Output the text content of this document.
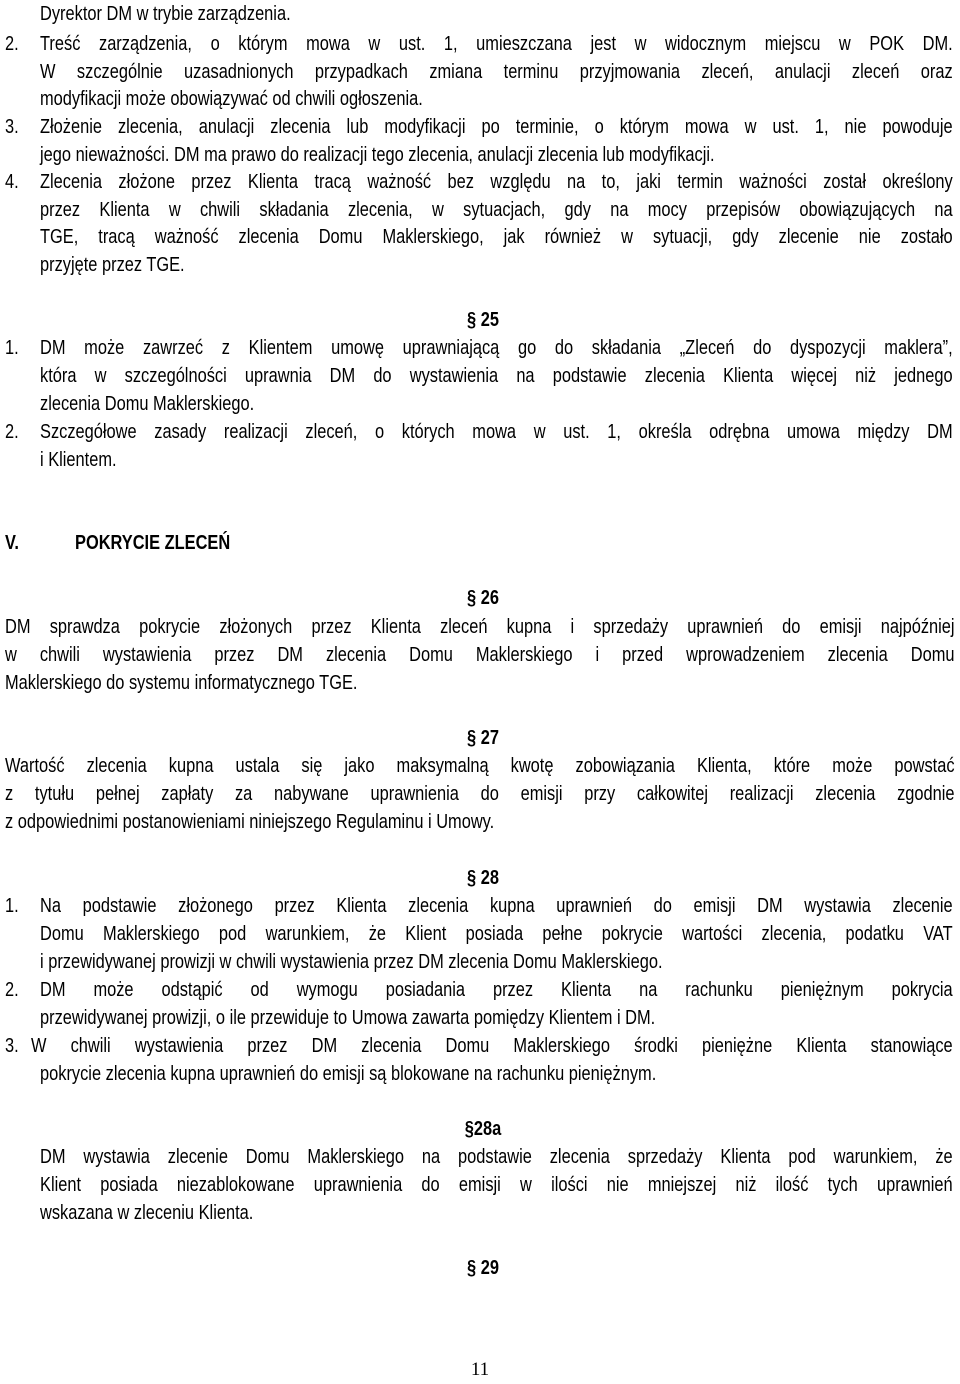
Dyrektor DM w trybie zarządzenia.
2. Treść zarządzenia, o którym mowa w ust. 1, umieszczana jest w widocznym miejscu w POK DM.
W szczególnie uzasadnionych przypadkach zmiana terminu przyjmowania zleceń, anulacji zleceń oraz
modyfikacji może obowiązywać od chwili ogłoszenia.
3. Złożenie zlecenia, anulacji zlecenia lub modyfikacji po terminie, o którym mowa w ust. 1, nie powoduje
jego nieważności. DM ma prawo do realizacji tego zlecenia, anulacji zlecenia lub modyfikacji.
4. Zlecenia złożone przez Klienta tracą ważność bez względu na to, jaki termin ważności został określony
przez Klienta w chwili składania zlecenia, w sytuacjach, gdy na mocy przepisów obowiązujących na
TGE, tracą ważność zlecenia Domu Maklerskiego, jak również w sytuacji, gdy zlecenie nie zostało
przyjęte przez TGE.
§ 25
1. DM może zawrzeć z Klientem umowę uprawniającą go do składania „Zleceń do dyspozycji maklera”,
która w szczególności uprawnia DM do wystawienia na podstawie zlecenia Klienta więcej niż jednego
zlecenia Domu Maklerskiego.
2. Szczegółowe zasady realizacji zleceń, o których mowa w ust. 1, określa odrębna umowa między DM
i Klientem.
V.	POKRYCIE ZLECEŃ
§ 26
DM sprawdza pokrycie złożonych przez Klienta zleceń kupna i sprzedaży uprawnień do emisji najpóźniej
w chwili wystawienia przez DM zlecenia Domu Maklerskiego i przed wprowadzeniem zlecenia Domu
Maklerskiego do systemu informatycznego TGE.
§ 27
Wartość zlecenia kupna ustala się jako maksymalną kwotę zobowiązania Klienta, które może powstać
z tytułu pełnej zapłaty za nabywane uprawnienia do emisji przy całkowitej realizacji zlecenia zgodnie
z odpowiednimi postanowieniami niniejszego Regulaminu i Umowy.
§ 28
1. Na podstawie złożonego przez Klienta zlecenia kupna uprawnień do emisji DM wystawia zlecenie
Domu Maklerskiego pod warunkiem, że Klient posiada pełne pokrycie wartości zlecenia, podatku VAT
i przewidywanej prowizji w chwili wystawienia przez DM zlecenia Domu Maklerskiego.
2. DM może odstąpić od wymogu posiadania przez Klienta na rachunku pieniężnym pokrycia
przewidywanej prowizji, o ile przewiduje to Umowa zawarta pomiędzy Klientem i DM.
3. W chwili wystawienia przez DM zlecenia Domu Maklerskiego środki pieniężne Klienta stanowiące
pokrycie zlecenia kupna uprawnień do emisji są blokowane na rachunku pieniężnym.
§28a
DM wystawia zlecenie Domu Maklerskiego na podstawie zlecenia sprzedaży Klienta pod warunkiem, że
Klient posiada niezablokowane uprawnienia do emisji w ilości nie mniejszej niż ilość tych uprawnień
wskazana w zleceniu Klienta.
§ 29
11
